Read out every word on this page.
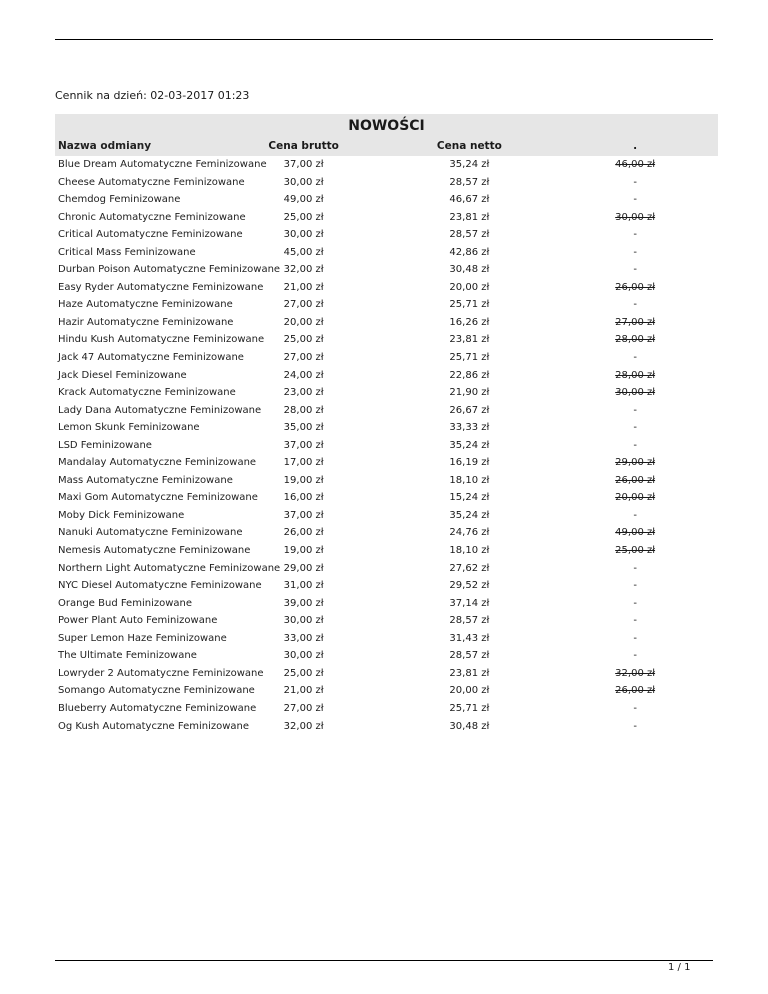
Cennik na dzień: 02-03-2017 01:23
NOWOŚCI			
Nazwa odmiany	Cena brutto	Cena netto	.
Blue Dream Automatyczne Feminizowane	37,00 zł	35,24 zł	46,00 zł
Cheese Automatyczne Feminizowane	30,00 zł	28,57 zł	-
Chemdog Feminizowane	49,00 zł	46,67 zł	-
Chronic Automatyczne Feminizowane	25,00 zł	23,81 zł	30,00 zł
Critical Automatyczne Feminizowane	30,00 zł	28,57 zł	-
Critical Mass Feminizowane	45,00 zł	42,86 zł	-
Durban Poison Automatyczne Feminizowane	32,00 zł	30,48 zł	-
Easy Ryder Automatyczne Feminizowane	21,00 zł	20,00 zł	26,00 zł
Haze Automatyczne Feminizowane	27,00 zł	25,71 zł	-
Hazir Automatyczne Feminizowane	20,00 zł	16,26 zł	27,00 zł
Hindu Kush Automatyczne Feminizowane	25,00 zł	23,81 zł	28,00 zł
Jack 47 Automatyczne Feminizowane	27,00 zł	25,71 zł	-
Jack Diesel Feminizowane	24,00 zł	22,86 zł	28,00 zł
Krack Automatyczne Feminizowane	23,00 zł	21,90 zł	30,00 zł
Lady Dana Automatyczne Feminizowane	28,00 zł	26,67 zł	-
Lemon Skunk Feminizowane	35,00 zł	33,33 zł	-
LSD Feminizowane	37,00 zł	35,24 zł	-
Mandalay Automatyczne Feminizowane	17,00 zł	16,19 zł	29,00 zł
Mass Automatyczne Feminizowane	19,00 zł	18,10 zł	26,00 zł
Maxi Gom Automatyczne Feminizowane	16,00 zł	15,24 zł	20,00 zł
Moby Dick Feminizowane	37,00 zł	35,24 zł	-
Nanuki Automatyczne Feminizowane	26,00 zł	24,76 zł	49,00 zł
Nemesis Automatyczne Feminizowane	19,00 zł	18,10 zł	25,00 zł
Northern Light Automatyczne Feminizowane	29,00 zł	27,62 zł	-
NYC Diesel Automatyczne Feminizowane	31,00 zł	29,52 zł	-
Orange Bud Feminizowane	39,00 zł	37,14 zł	-
Power Plant Auto Feminizowane	30,00 zł	28,57 zł	-
Super Lemon Haze Feminizowane	33,00 zł	31,43 zł	-
The Ultimate Feminizowane	30,00 zł	28,57 zł	-
Lowryder 2 Automatyczne Feminizowane	25,00 zł	23,81 zł	32,00 zł
Somango Automatyczne Feminizowane	21,00 zł	20,00 zł	26,00 zł
Blueberry Automatyczne Feminizowane	27,00 zł	25,71 zł	-
Og Kush Automatyczne Feminizowane	32,00 zł	30,48 zł	-
1 / 1
